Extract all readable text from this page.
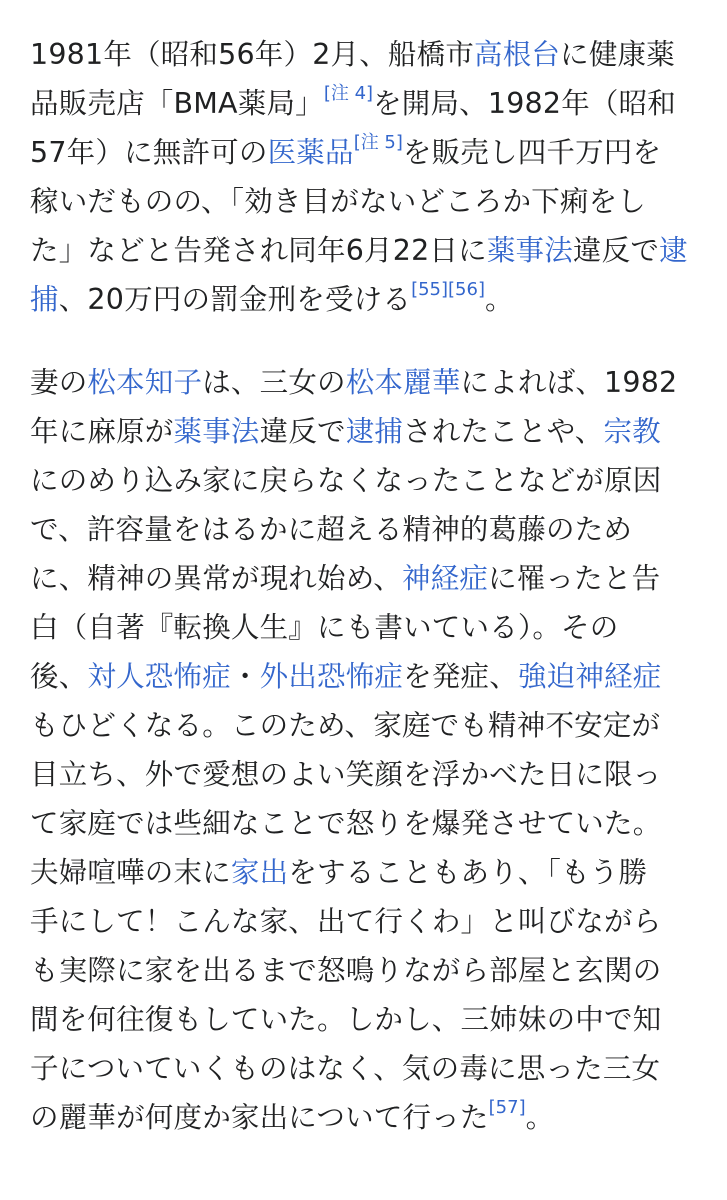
1981年（昭和56年）2月、船橋市高根台に健康薬
品販売店「BMA薬局」[注 4]を開局、1982年（昭和
57年）に無許可の医薬品[注 5]を販売し四千万円を
稼いだものの、「効き目がないどころか下痢をし
た」などと告発され同年6月22日に薬事法違反で逮
捕、20万円の罰金刑を受ける[55][56]。

妻の松本知子は、三女の松本麗華によれば、1982
年に麻原が薬事法違反で逮捕されたことや、宗教
にのめり込み家に戻らなくなったことなどが原因
で、許容量をはるかに超える精神的葛藤のため
に、精神の異常が現れ始め、神経症に罹ったと告
白（自著『転換人生』にも書いている）。その
後、対人恐怖症・外出恐怖症を発症、強迫神経症
もひどくなる。このため、家庭でも精神不安定が
目立ち、外で愛想のよい笑顔を浮かべた日に限っ
て家庭では些細なことで怒りを爆発させていた。
夫婦喧嘩の末に家出をすることもあり、「もう勝
手にして！こんな家、出て行くわ」と叫びながら
も実際に家を出るまで怒鳴りながら部屋と玄関の
間を何往復もしていた。しかし、三姉妹の中で知
子についていくものはなく、気の毒に思った三女
の麗華が何度か家出について行った[57]。
